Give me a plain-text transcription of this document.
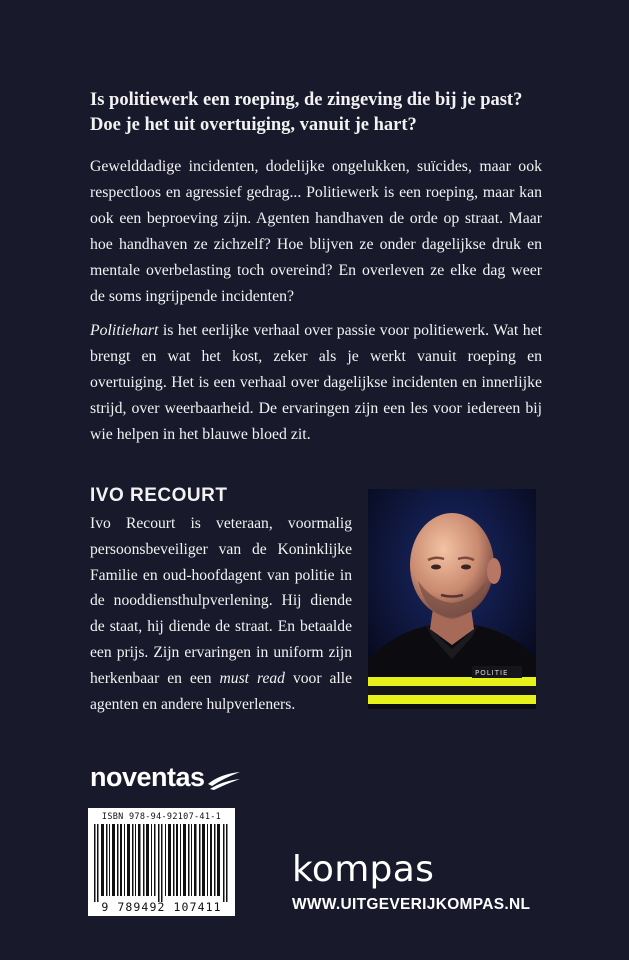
Is politiewerk een roeping, de zingeving die bij je past? Doe je het uit overtuiging, vanuit je hart?

Gewelddadige incidenten, dodelijke ongelukken, suïcides, maar ook respectloos en agressief gedrag... Politiewerk is een roeping, maar kan ook een beproeving zijn. Agenten handhaven de orde op straat. Maar hoe handhaven ze zichzelf? Hoe blijven ze onder dagelijkse druk en mentale overbelasting toch overeind? En overleven ze elke dag weer de soms ingrijpende incidenten?

Politiehart is het eerlijke verhaal over passie voor politiewerk. Wat het brengt en wat het kost, zeker als je werkt vanuit roeping en overtuiging. Het is een verhaal over dagelijkse incidenten en innerlijke strijd, over weerbaarheid. De ervaringen zijn een les voor iedereen bij wie helpen in het blauwe bloed zit.

IVO RECOURT

Ivo Recourt is veteraan, voormalig persoonsbeveiliger van de Koninklijke Familie en oud-hoofdagent van politie in de nooddiensthulpverlening. Hij diende de staat, hij diende de straat. En betaalde een prijs. Zijn ervaringen in uniform zijn herkenbaar en een must read voor alle agenten en andere hulpverleners.

POLITIE
noventas
ISBN 978-94-92107-41-1
9 789492 107411
kompas
WWW.UITGEVERIJKOMPAS.NL
